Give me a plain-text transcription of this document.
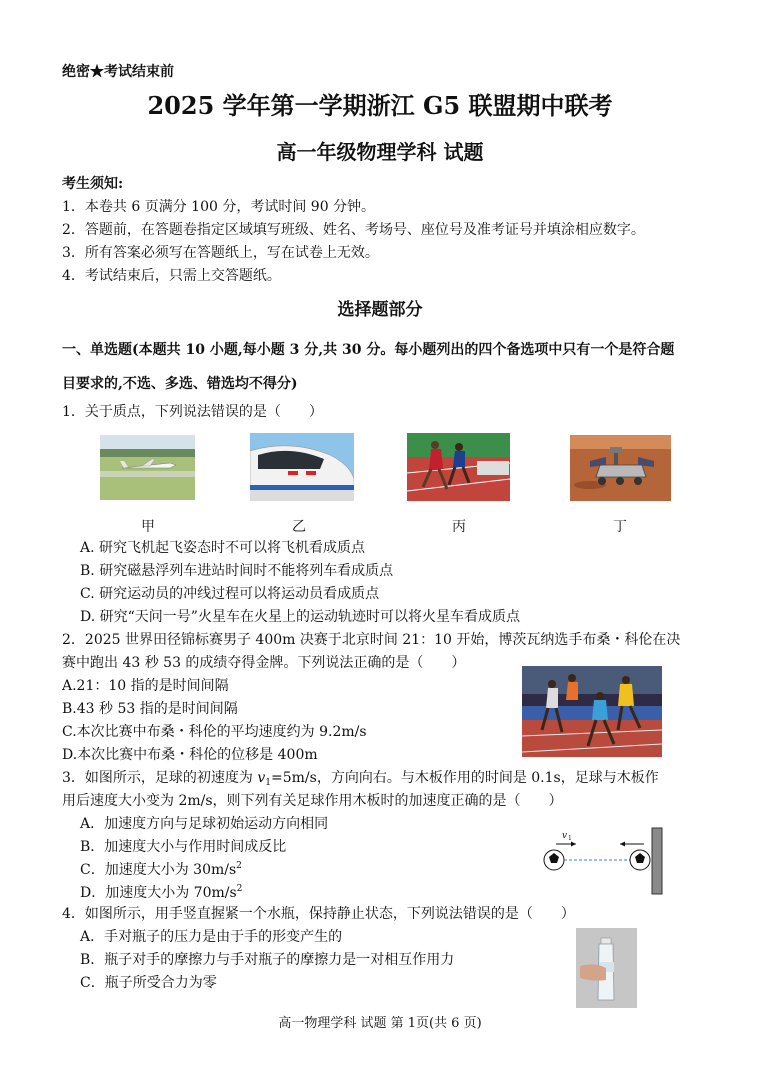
绝密★考试结束前
2025 学年第一学期浙江 G5 联盟期中联考
高一年级物理学科 试题
考生须知:
1．本卷共 6 页满分 100 分，考试时间 90 分钟。
2．答题前，在答题卷指定区域填写班级、姓名、考场号、座位号及准考证号并填涂相应数字。
3．所有答案必须写在答题纸上，写在试卷上无效。
4．考试结束后，只需上交答题纸。
选择题部分
一、单选题(本题共 10 小题,每小题 3 分,共 30 分。每小题列出的四个备选项中只有一个是符合题
目要求的,不选、多选、错选均不得分)
1．关于质点，下列说法错误的是（　　）
甲	乙	丙	丁
A. 研究飞机起飞姿态时不可以将飞机看成质点
B. 研究磁悬浮列车进站时间时不能将列车看成质点
C. 研究运动员的冲线过程可以将运动员看成质点
D. 研究“天问一号”火星车在火星上的运动轨迹时可以将火星车看成质点
2．2025 世界田径锦标赛男子 400m 决赛于北京时间 21：10 开始，博茨瓦纳选手布桑・科伦在决
赛中跑出 43 秒 53 的成绩夺得金牌。下列说法正确的是（　　）
A.21：10 指的是时间间隔
B.43 秒 53 指的是时间间隔
C.本次比赛中布桑・科伦的平均速度约为 9.2m/s
D.本次比赛中布桑・科伦的位移是 400m
3．如图所示，足球的初速度为 $v_1=5m/s$，方向向右。与木板作用的时间是 0.1s，足球与木板作
用后速度大小变为 2m/s，则下列有关足球作用木板时的加速度正确的是（　　）
A．加速度方向与足球初始运动方向相同
B．加速度大小与作用时间成反比
C．加速度大小为 $30m/s^2$
D．加速度大小为 $70m/s^2$
v 1
4．如图所示，用手竖直握紧一个水瓶，保持静止状态，下列说法错误的是（　　）
A．手对瓶子的压力是由于手的形变产生的
B．瓶子对手的摩擦力与手对瓶子的摩擦力是一对相互作用力
C．瓶子所受合力为零
高一物理学科 试题 第 1页(共 6 页)
